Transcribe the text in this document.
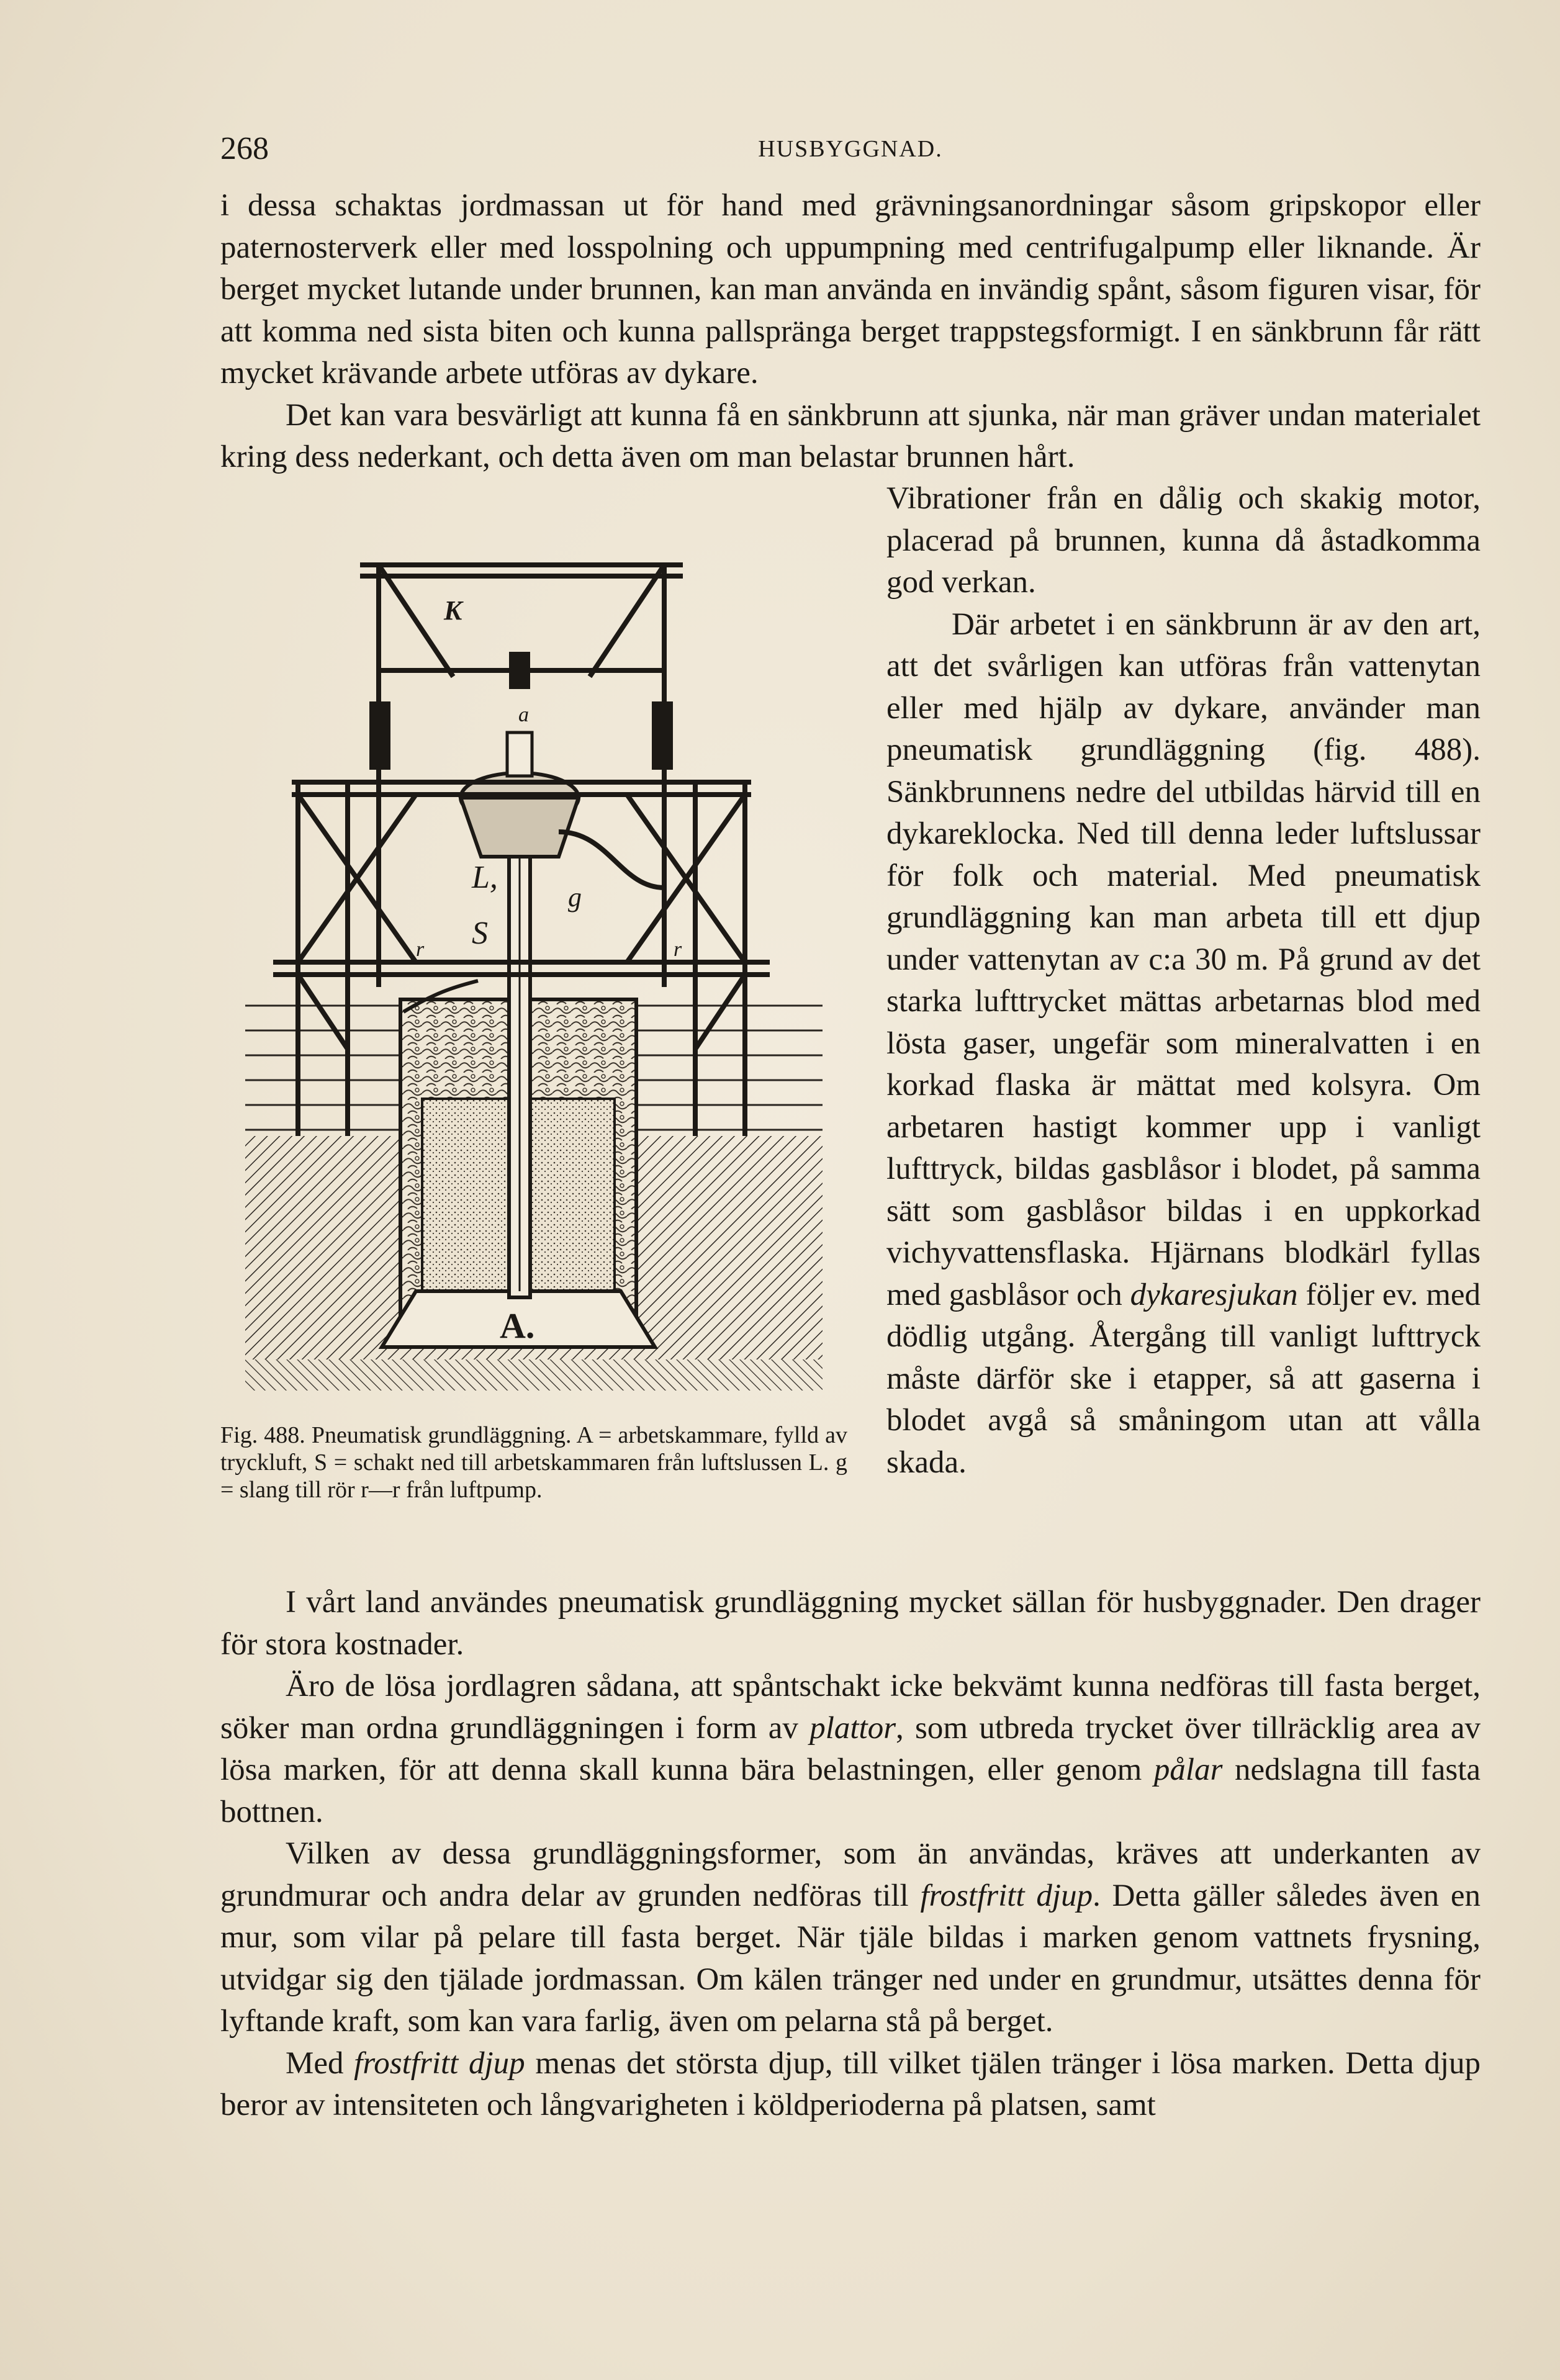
268	HUSBYGGNAD.

i dessa schaktas jordmassan ut för hand med grävningsanordningar såsom gripskopor eller paternosterverk eller med losspolning och uppumpning med centrifugalpump eller liknande. Är berget mycket lutande under brunnen, kan man använda en invändig spånt, såsom figuren visar, för att komma ned sista biten och kunna pallspränga berget trappstegsformigt. I en sänkbrunn får rätt mycket krävande arbete utföras av dykare.

Det kan vara besvärligt att kunna få en sänkbrunn att sjunka, när man gräver undan materialet kring dess nederkant, och detta även om man belastar brunnen hårt.

K
a
L,
S
g
r	r
A.

Fig. 488. Pneumatisk grundläggning. A = arbetskammare, fylld av tryckluft, S = schakt ned till arbetskammaren från luftslussen L. g = slang till rör r—r från luftpump.

Vibrationer från en dålig och skakig motor, placerad på brunnen, kunna då åstadkomma god verkan.

Där arbetet i en sänkbrunn är av den art, att det svårligen kan utföras från vattenytan eller med hjälp av dykare, använder man pneumatisk grundläggning (fig. 488). Sänkbrunnens nedre del utbildas härvid till en dykareklocka. Ned till denna leder luftslussar för folk och material. Med pneumatisk grundläggning kan man arbeta till ett djup under vattenytan av c:a 30 m. På grund av det starka lufttrycket mättas arbetarnas blod med lösta gaser, ungefär som mineralvatten i en korkad flaska är mättat med kolsyra. Om arbetaren hastigt kommer upp i vanligt lufttryck, bildas gasblåsor i blodet, på samma sätt som gasblåsor bildas i en uppkorkad vichyvattensflaska. Hjärnans blodkärl fyllas med gasblåsor och dykaresjukan följer ev. med dödlig utgång. Återgång till vanligt lufttryck måste därför ske i etapper, så att gaserna i blodet avgå så småningom utan att vålla skada.

I vårt land användes pneumatisk grundläggning mycket sällan för husbyggnader. Den drager för stora kostnader.

Äro de lösa jordlagren sådana, att spåntschakt icke bekvämt kunna nedföras till fasta berget, söker man ordna grundläggningen i form av plattor, som utbreda trycket över tillräcklig area av lösa marken, för att denna skall kunna bära belastningen, eller genom pålar nedslagna till fasta bottnen.

Vilken av dessa grundläggningsformer, som än användas, kräves att underkanten av grundmurar och andra delar av grunden nedföras till frostfritt djup. Detta gäller således även en mur, som vilar på pelare till fasta berget. När tjäle bildas i marken genom vattnets frysning, utvidgar sig den tjälade jordmassan. Om kälen tränger ned under en grundmur, utsättes denna för lyftande kraft, som kan vara farlig, även om pelarna stå på berget.

Med frostfritt djup menas det största djup, till vilket tjälen tränger i lösa marken. Detta djup beror av intensiteten och långvarigheten i köldperioderna på platsen, samt
